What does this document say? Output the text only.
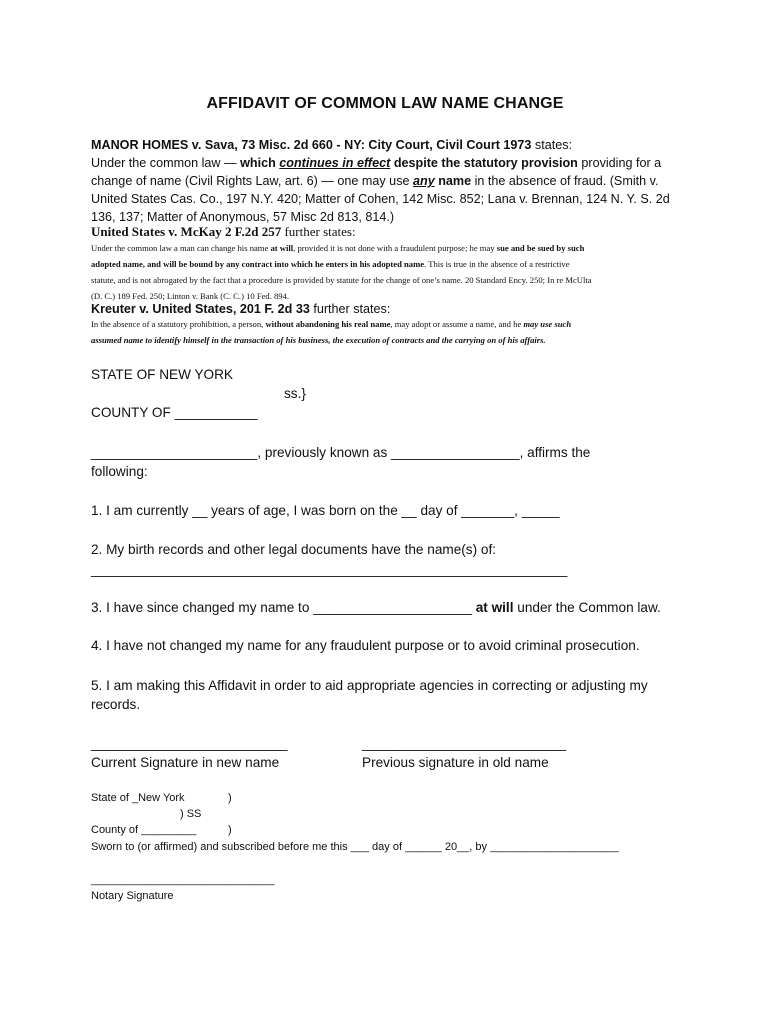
AFFIDAVIT OF COMMON LAW NAME CHANGE
MANOR HOMES v. Sava, 73 Misc. 2d 660 - NY: City Court, Civil Court 1973 states:
Under the common law — which continues in effect despite the statutory provision providing for a
change of name (Civil Rights Law, art. 6) — one may use any name in the absence of fraud. (Smith v.
United States Cas. Co., 197 N.Y. 420; Matter of Cohen, 142 Misc. 852; Lana v. Brennan, 124 N. Y. S. 2d
136, 137; Matter of Anonymous, 57 Misc 2d 813, 814.)
United States v. McKay 2 F.2d 257 further states:
Under the common law a man can change his name at will, provided it is not done with a fraudulent purpose; he may sue and be sued by such
adopted name, and will be bound by any contract into which he enters in his adopted name. This is true in the absence of a restrictive
statute, and is not abrogated by the fact that a procedure is provided by statute for the change of one’s name. 20 Standard Ency. 250; In re McUlta
(D. C.) 189 Fed. 250; Linton v. Bank (C. C.) 10 Fed. 894.
Kreuter v. United States, 201 F. 2d 33 further states:
In the absence of a statutory prohibition, a person, without abandoning his real name, may adopt or assume a name, and he may use such
assumed name to identify himself in the transaction of his business, the execution of contracts and the carrying on of his affairs.
STATE OF NEW YORK
ss.}
COUNTY OF ___________
______________________, previously known as _________________, affirms the
following:
1. I am currently __ years of age, I was born on the __ day of _______, _____
2. My birth records and other legal documents have the name(s) of:
_______________________________________________________________
3. I have since changed my name to _____________________ at will under the Common law.
4. I have not changed my name for any fraudulent purpose or to avoid criminal prosecution.
5. I am making this Affidavit in order to aid appropriate agencies in correcting or adjusting my
records.
__________________________	___________________________
Current Signature in new name	Previous signature in old name
State of _New York	)
) SS
County of _________	)
Sworn to (or affirmed) and subscribed before me this ___ day of ______ 20__, by _____________________
______________________________
Notary Signature
